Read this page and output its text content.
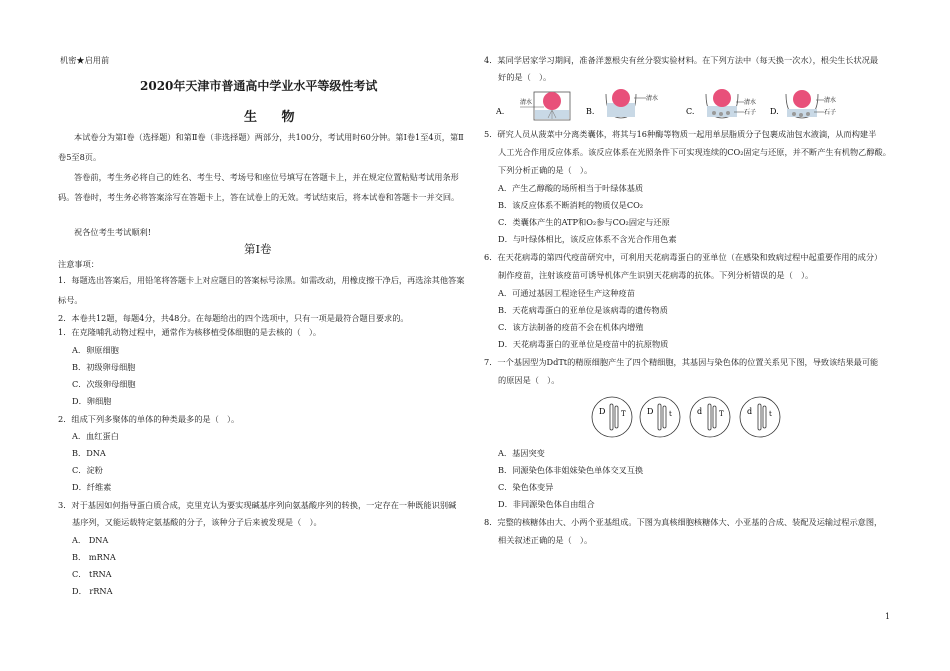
机密★启用前
2020年天津市普通高中学业水平等级性考试
生 物
本试卷分为第Ⅰ卷（选择题）和第Ⅱ卷（非选择题）两部分，共100分，考试用时60分钟。第Ⅰ卷1至4页，第Ⅱ卷5至8页。
答卷前，考生务必将自己的姓名、考生号、考场号和座位号填写在答题卡上，并在规定位置粘贴考试用条形码。答卷时，考生务必将答案涂写在答题卡上，答在试卷上的无效。考试结束后，将本试卷和答题卡一并交回。
祝各位考生考试顺利!
第Ⅰ卷
注意事项：
1．每题选出答案后，用铅笔将答题卡上对应题目的答案标号涂黑。如需改动，用橡皮擦干净后，再选涂其他答案标号。
2．本卷共12题，每题4分，共48分。在每题给出的四个选项中，只有一项是最符合题目要求的。
1．在克隆哺乳动物过程中，通常作为核移植受体细胞的是去核的（　）。
A．卵原细胞
B．初级卵母细胞
C．次级卵母细胞
D．卵细胞
2．组成下列多聚体的单体的种类最多的是（　）。
A．血红蛋白
B．DNA
C．淀粉
D．纤维素
3．对于基因如何指导蛋白质合成，克里克认为要实现碱基序列向氨基酸序列的转换，一定存在一种既能识别碱
基序列，又能运载特定氨基酸的分子，该种分子后来被发现是（　）。
A． DNA
B． mRNA
C． tRNA
D． rRNA
4．某同学居家学习期间，准备洋葱根尖有丝分裂实验材料。在下列方法中（每天换一次水），根尖生长状况最
好的是（　）。
A.
清水
B.
清水
C.
清水
石子 D.
清水
石子
5．研究人员从菠菜中分离类囊体，将其与16种酶等物质一起用单层脂质分子包裹成油包水液滴，从而构建半
人工光合作用反应体系。该反应体系在光照条件下可实现连续的CO₂固定与还原，并不断产生有机物乙醇酸。
下列分析正确的是（　）。
A．产生乙醇酸的场所相当于叶绿体基质
B．该反应体系不断消耗的物质仅是CO₂
C．类囊体产生的ATP和O₂参与CO₂固定与还原
D．与叶绿体相比，该反应体系不含光合作用色素
6．在天花病毒的第四代疫苗研究中，可利用天花病毒蛋白的亚单位（在感染和致病过程中起重要作用的成分）
制作疫苗，注射该疫苗可诱导机体产生识别天花病毒的抗体。下列分析错误的是（　）。
A．可通过基因工程途径生产这种疫苗
B．天花病毒蛋白的亚单位是该病毒的遗传物质
C．该方法制备的疫苗不会在机体内增殖
D．天花病毒蛋白的亚单位是疫苗中的抗原物质
7．一个基因型为DdTt的精原细胞产生了四个精细胞，其基因与染色体的位置关系见下图，导致该结果最可能
的原因是（　）。
D T	D t	d T	d t
A．基因突变
B．同源染色体非姐妹染色单体交叉互换
C．染色体变异
D．非同源染色体自由组合
8．完整的核糖体由大、小两个亚基组成。下图为真核细胞核糖体大、小亚基的合成、装配及运输过程示意图，
相关叙述正确的是（　）。
1
